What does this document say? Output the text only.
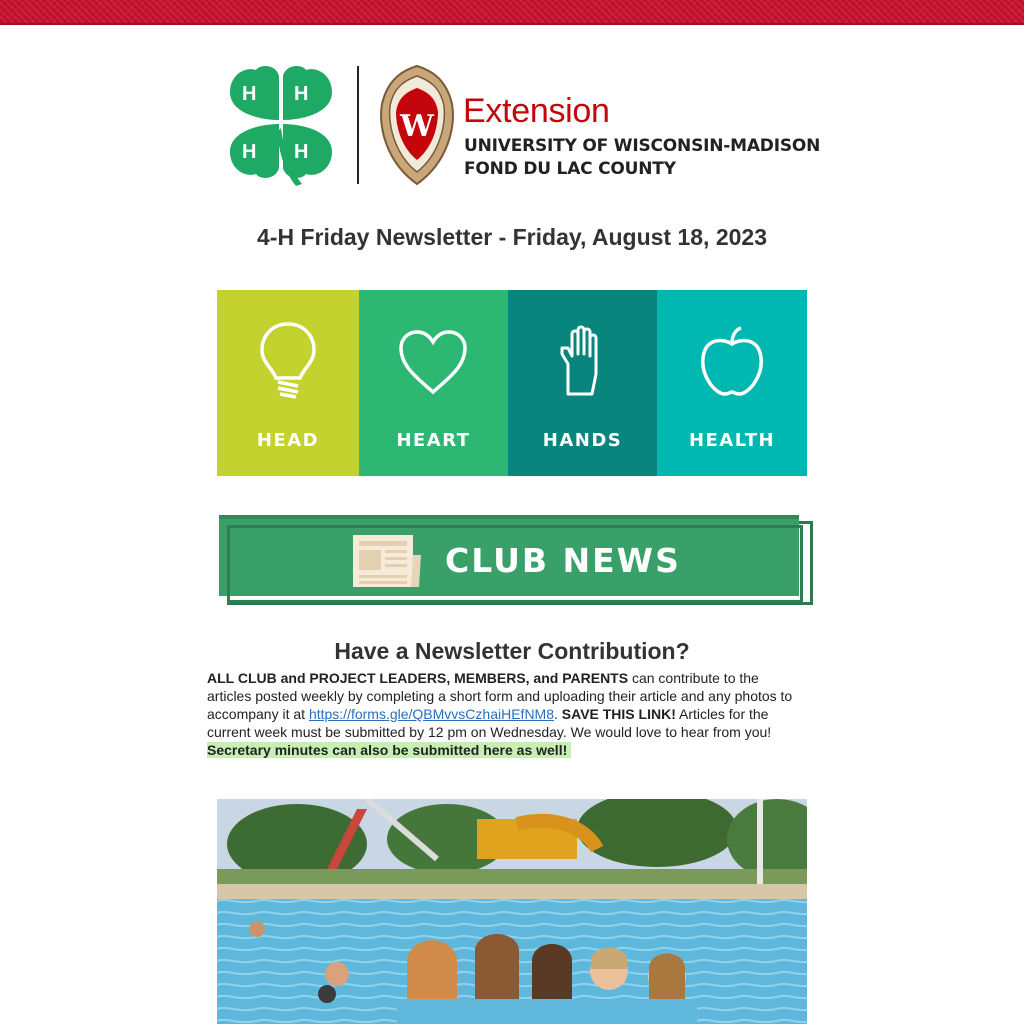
H H
H H
W Extension
UNIVERSITY OF WISCONSIN-MADISON
FOND DU LAC COUNTY
4-H Friday Newsletter - Friday, August 18, 2023
HEAD	HEART	HANDS	HEALTH
CLUB NEWS
Have a Newsletter Contribution?
ALL CLUB and PROJECT LEADERS, MEMBERS, and PARENTS can contribute to the articles posted weekly by completing a short form and uploading their article and any photos to accompany it at https://forms.gle/QBMvvsCzhaiHEfNM8. SAVE THIS LINK! Articles for the current week must be submitted by 12 pm on Wednesday. We would love to hear from you!
Secretary minutes can also be submitted here as well!
